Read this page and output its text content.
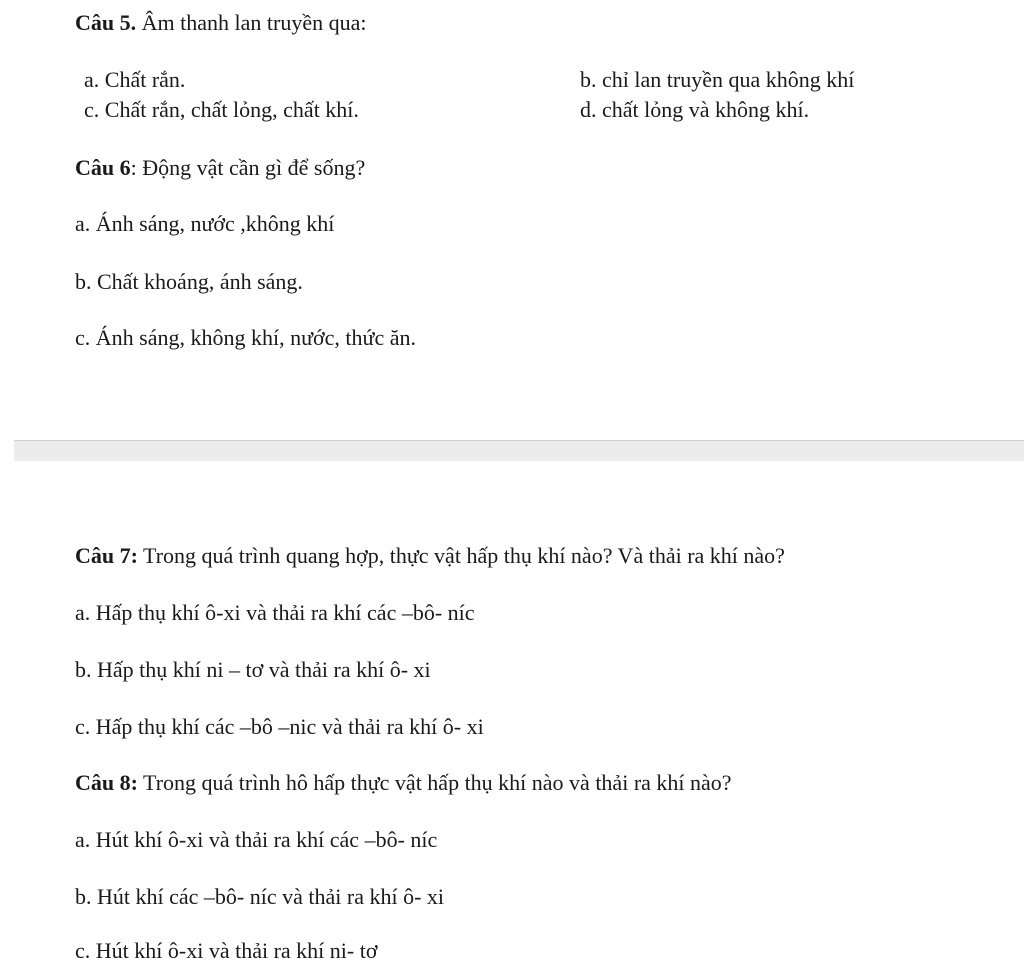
Câu 5. Âm thanh lan truyền qua:
a. Chất rắn.	b. chỉ lan truyền qua không khí
c. Chất rắn, chất lỏng, chất khí.	d. chất lỏng và không khí.
Câu 6: Động vật cần gì để sống?
a. Ánh sáng, nước ,không khí
b. Chất khoáng, ánh sáng.
c. Ánh sáng, không khí, nước, thức ăn.
Câu 7: Trong quá trình quang hợp, thực vật hấp thụ khí nào? Và thải ra khí nào?
a. Hấp thụ khí ô-xi và thải ra khí các –bô- níc
b. Hấp thụ khí ni – tơ và thải ra khí ô- xi
c. Hấp thụ khí các –bô –nic và thải ra khí ô- xi
Câu 8: Trong quá trình hô hấp thực vật hấp thụ khí nào và thải ra khí nào?
a. Hút khí ô-xi và thải ra khí các –bô- níc
b. Hút khí các –bô- níc và thải ra khí ô- xi
c. Hút khí ô-xi và thải ra khí ni- tơ
